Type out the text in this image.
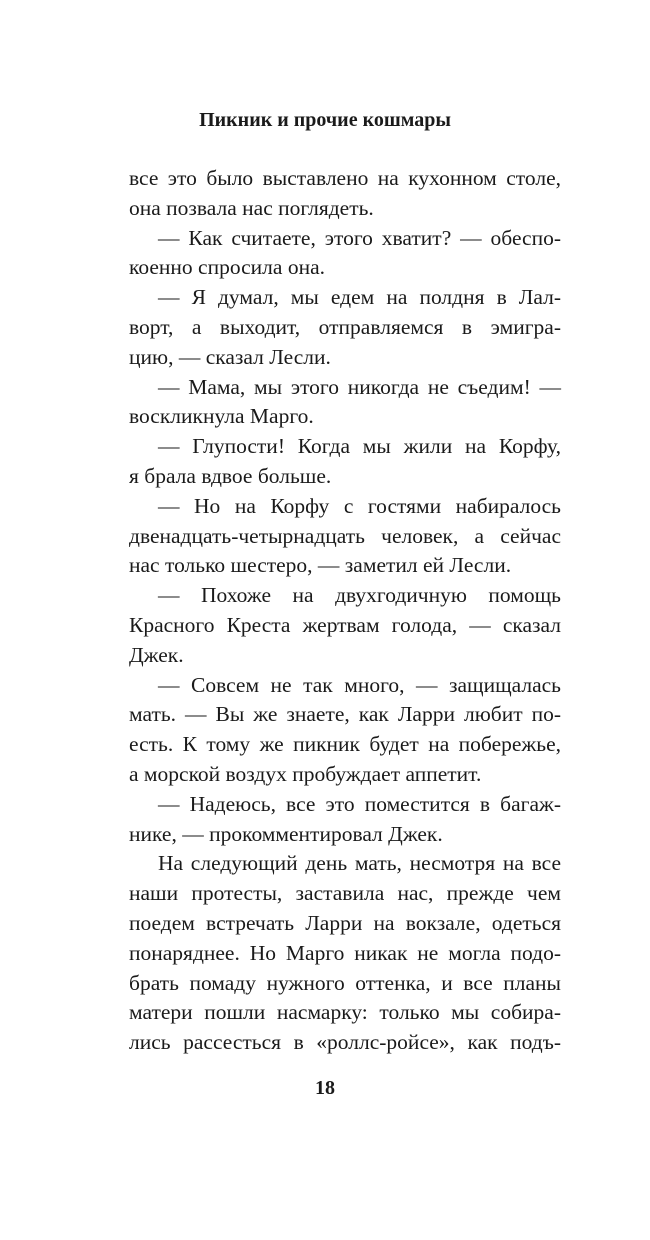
Пикник и прочие кошмары
все это было выставлено на кухонном столе,
она позвала нас поглядеть.
— Как считаете, этого хватит? — обеспо-
коенно спросила она.
— Я думал, мы едем на полдня в Лал-
ворт, а выходит, отправляемся в эмигра-
цию, — сказал Лесли.
— Мама, мы этого никогда не съедим! —
воскликнула Марго.
— Глупости! Когда мы жили на Корфу,
я брала вдвое больше.
— Но на Корфу с гостями набиралось
двенадцать-четырнадцать человек, а сейчас
нас только шестеро, — заметил ей Лесли.
— Похоже на двухгодичную помощь
Красного Креста жертвам голода, — сказал
Джек.
— Совсем не так много, — защищалась
мать. — Вы же знаете, как Ларри любит по-
есть. К тому же пикник будет на побережье,
а морской воздух пробуждает аппетит.
— Надеюсь, все это поместится в багаж-
нике, — прокомментировал Джек.
На следующий день мать, несмотря на все
наши протесты, заставила нас, прежде чем
поедем встречать Ларри на вокзале, одеться
понаряднее. Но Марго никак не могла подо-
брать помаду нужного оттенка, и все планы
матери пошли насмарку: только мы собира-
лись рассесться в «роллс-ройсе», как подъ-
18
